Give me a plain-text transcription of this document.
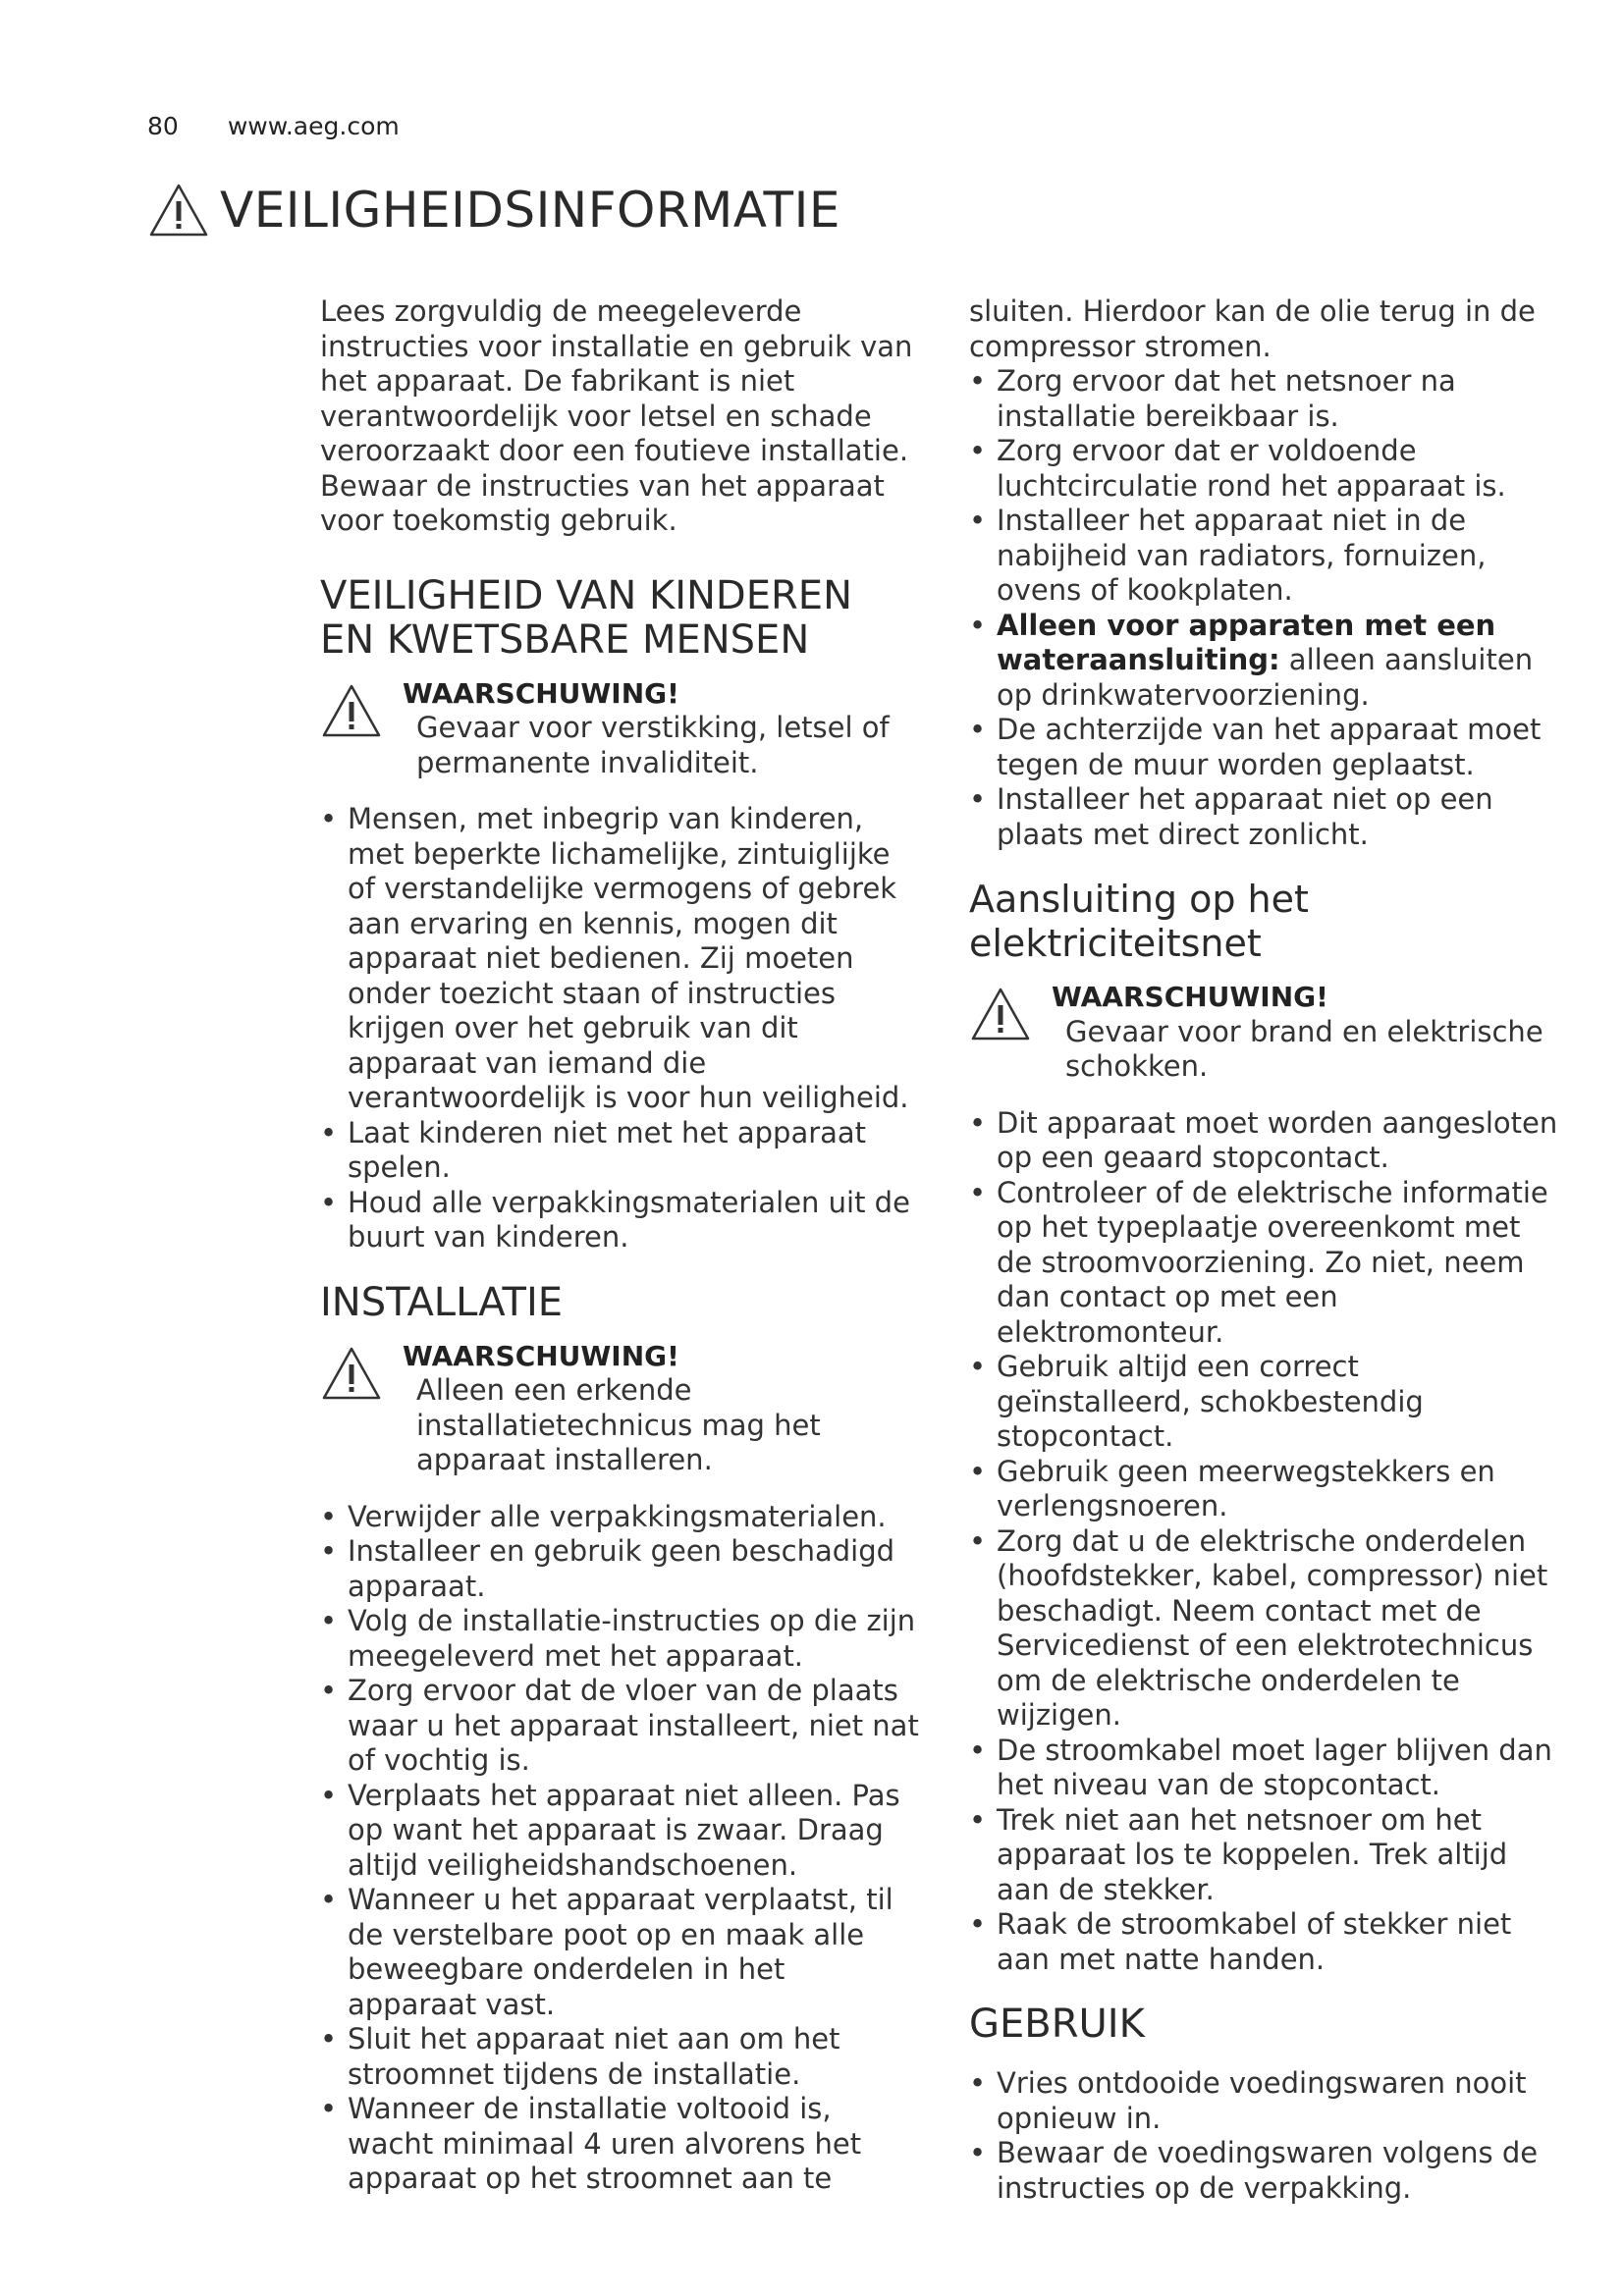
80 www.aeg.com
VEILIGHEIDSINFORMATIE

Lees zorgvuldig de meegeleverde instructies voor installatie en gebruik van het apparaat. De fabrikant is niet verantwoordelijk voor letsel en schade veroorzaakt door een foutieve installatie. Bewaar de instructies van het apparaat voor toekomstig gebruik.

VEILIGHEID VAN KINDEREN
EN KWETSBARE MENSEN
WAARSCHUWING!
Gevaar voor verstikking, letsel of permanente invaliditeit.
• Mensen, met inbegrip van kinderen, met beperkte lichamelijke, zintuiglijke of verstandelijke vermogens of gebrek aan ervaring en kennis, mogen dit apparaat niet bedienen. Zij moeten onder toezicht staan of instructies krijgen over het gebruik van dit apparaat van iemand die verantwoordelijk is voor hun veiligheid.
• Laat kinderen niet met het apparaat spelen.
• Houd alle verpakkingsmaterialen uit de buurt van kinderen.
INSTALLATIE
WAARSCHUWING!
Alleen een erkende installatietechnicus mag het apparaat installeren.
• Verwijder alle verpakkingsmaterialen.
• Installeer en gebruik geen beschadigd apparaat.
• Volg de installatie-instructies op die zijn meegeleverd met het apparaat.
• Zorg ervoor dat de vloer van de plaats waar u het apparaat installeert, niet nat of vochtig is.
• Verplaats het apparaat niet alleen. Pas op want het apparaat is zwaar. Draag altijd veiligheidshandschoenen.
• Wanneer u het apparaat verplaatst, til de verstelbare poot op en maak alle beweegbare onderdelen in het apparaat vast.
• Sluit het apparaat niet aan om het stroomnet tijdens de installatie.
• Wanneer de installatie voltooid is, wacht minimaal 4 uren alvorens het apparaat op het stroomnet aan te

sluiten. Hierdoor kan de olie terug in de compressor stromen.

• Zorg ervoor dat het netsnoer na installatie bereikbaar is.
• Zorg ervoor dat er voldoende luchtcirculatie rond het apparaat is.
• Installeer het apparaat niet in de nabijheid van radiators, fornuizen, ovens of kookplaten.
• Alleen voor apparaten met een wateraansluiting: alleen aansluiten op drinkwatervoorziening.
• De achterzijde van het apparaat moet tegen de muur worden geplaatst.
• Installeer het apparaat niet op een plaats met direct zonlicht.
Aansluiting op het
elektriciteitsnet
WAARSCHUWING!
Gevaar voor brand en elektrische schokken.
• Dit apparaat moet worden aangesloten op een geaard stopcontact.
• Controleer of de elektrische informatie op het typeplaatje overeenkomt met de stroomvoorziening. Zo niet, neem dan contact op met een elektromonteur.
• Gebruik altijd een correct geïnstalleerd, schokbestendig stopcontact.
• Gebruik geen meerwegstekkers en verlengsnoeren.
• Zorg dat u de elektrische onderdelen (hoofdstekker, kabel, compressor) niet beschadigt. Neem contact met de Servicedienst of een elektrotechnicus om de elektrische onderdelen te wijzigen.
• De stroomkabel moet lager blijven dan het niveau van de stopcontact.
• Trek niet aan het netsnoer om het apparaat los te koppelen. Trek altijd aan de stekker.
• Raak de stroomkabel of stekker niet aan met natte handen.
GEBRUIK
• Vries ontdooide voedingswaren nooit opnieuw in.
• Bewaar de voedingswaren volgens de instructies op de verpakking.
